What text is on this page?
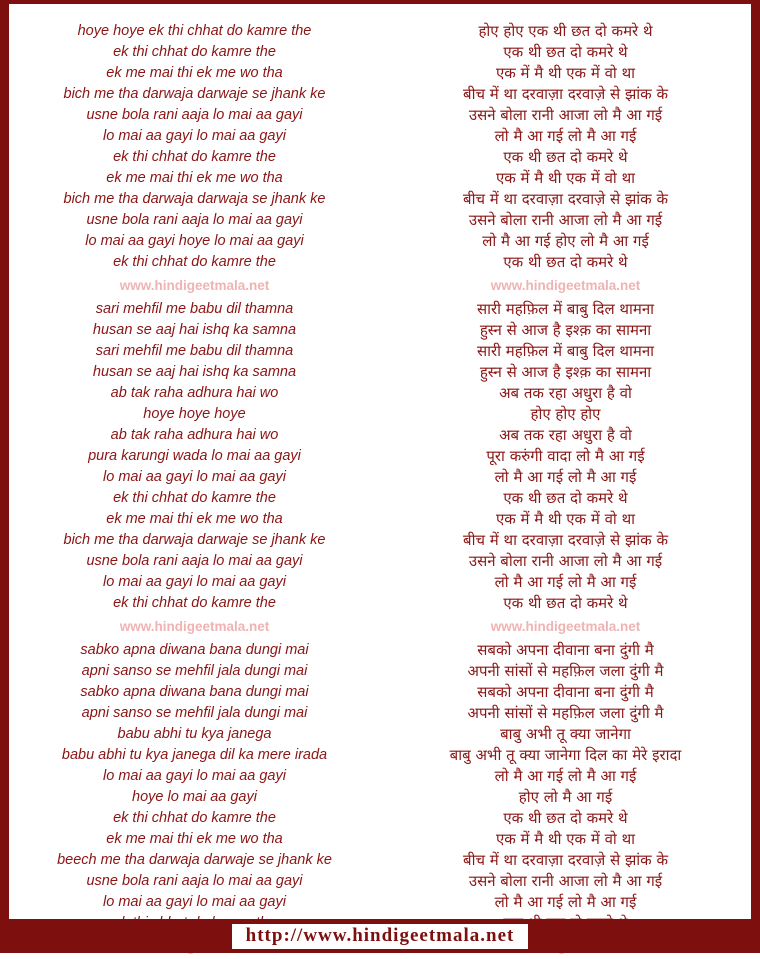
hoye hoye ek thi chhat do kamre the	होए होए एक थी छत दो कमरे थे
ek thi chhat do kamre the	एक थी छत दो कमरे थे
ek me mai thi ek me wo tha	एक में मै थी एक में वो था
bich me tha darwaja darwaje se jhank ke	बीच में था दरवाज़ा दरवाज़े से झांक के
usne bola rani aaja lo mai aa gayi	उसने बोला रानी आजा लो मै आ गई
lo mai aa gayi lo mai aa gayi	लो मै आ गई लो मै आ गई
ek thi chhat do kamre the	एक थी छत दो कमरे थे
ek me mai thi ek me wo tha	एक में मै थी एक में वो था
bich me tha darwaja darwaja se jhank ke	बीच में था दरवाज़ा दरवाज़े से झांक के
usne bola rani aaja lo mai aa gayi	उसने बोला रानी आजा लो मै आ गई
lo mai aa gayi hoye lo mai aa gayi	लो मै आ गई होए लो मै आ गई
ek thi chhat do kamre the	एक थी छत दो कमरे थे
www.hindigeetmala.net	www.hindigeetmala.net
sari mehfil me babu dil thamna	सारी महफ़िल में बाबु दिल थामना
husan se aaj hai ishq ka samna	हुस्न से आज है इश्क़ का सामना
sari mehfil me babu dil thamna	सारी महफ़िल में बाबु दिल थामना
husan se aaj hai ishq ka samna	हुस्न से आज है इश्क़ का सामना
ab tak raha adhura hai wo	अब तक रहा अधुरा है वो
hoye hoye hoye	होए होए होए
ab tak raha adhura hai wo	अब तक रहा अधुरा है वो
pura karungi wada lo mai aa gayi	पूरा करुंगी वादा लो मै आ गई
lo mai aa gayi lo mai aa gayi	लो मै आ गई लो मै आ गई
ek thi chhat do kamre the	एक थी छत दो कमरे थे
ek me mai thi ek me wo tha	एक में मै थी एक में वो था
bich me tha darwaja darwaje se jhank ke	बीच में था दरवाज़ा दरवाज़े से झांक के
usne bola rani aaja lo mai aa gayi	उसने बोला रानी आजा लो मै आ गई
lo mai aa gayi lo mai aa gayi	लो मै आ गई लो मै आ गई
ek thi chhat do kamre the	एक थी छत दो कमरे थे
www.hindigeetmala.net	www.hindigeetmala.net
sabko apna diwana bana dungi mai	सबको अपना दीवाना बना दुंगी मै
apni sanso se mehfil jala dungi mai	अपनी सांसों से महफ़िल जला दुंगी मै
sabko apna diwana bana dungi mai	सबको अपना दीवाना बना दुंगी मै
apni sanso se mehfil jala dungi mai	अपनी सांसों से महफ़िल जला दुंगी मै
babu abhi tu kya janega	बाबु अभी तू क्या जानेगा
babu abhi tu kya janega dil ka mere irada	बाबु अभी तू क्या जानेगा दिल का मेरे इरादा
lo mai aa gayi lo mai aa gayi	लो मै आ गई लो मै आ गई
hoye lo mai aa gayi	होए लो मै आ गई
ek thi chhat do kamre the	एक थी छत दो कमरे थे
ek me mai thi ek me wo tha	एक में मै थी एक में वो था
beech me tha darwaja darwaje se jhank ke	बीच में था दरवाज़ा दरवाज़े से झांक के
usne bola rani aaja lo mai aa gayi	उसने बोला रानी आजा लो मै आ गई
lo mai aa gayi lo mai aa gayi	लो मै आ गई लो मै आ गई
http://www.hindigeetmala.net
